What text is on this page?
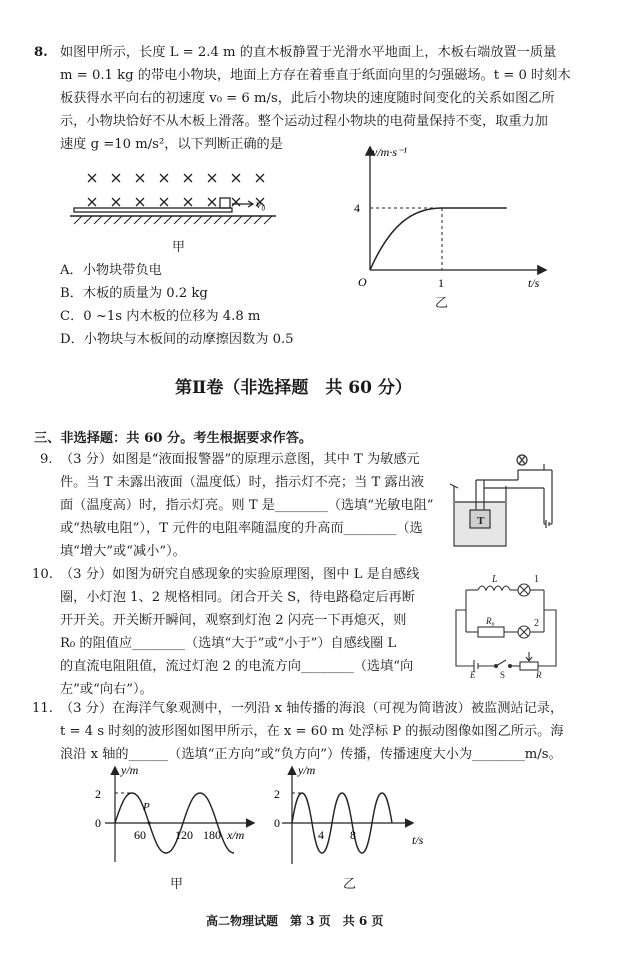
8. 如图甲所示，长度 L = 2.4 m 的直木板静置于光滑水平地面上，木板右端放置一质量
m = 0.1 kg 的带电小物块，地面上方存在着垂直于纸面向里的匀强磁场。t = 0 时刻木
板获得水平向右的初速度 v₀ = 6 m/s，此后小物块的速度随时间变化的关系如图乙所
示，小物块恰好不从木板上滑落。整个运动过程小物块的电荷量保持不变，取重力加
速度 g =10 m/s²，以下判断正确的是
v₀
甲
A．小物块带负电
B．木板的质量为 0.2 kg
C．0 ~1s 内木板的位移为 4.8 m
D．小物块与木板间的动摩擦因数为 0.5
v/m·s⁻¹
t/s
O
4
1
乙
第Ⅱ卷（非选择题　共 60 分）
三、非选择题：共 60 分。考生根据要求作答。
9. （3 分）如图是“液面报警器”的原理示意图，其中 T 为敏感元
件。当 T 未露出液面（温度低）时，指示灯不亮；当 T 露出液
面（温度高）时，指示灯亮。则 T 是________（选填“光敏电阻”
或“热敏电阻”），T 元件的电阻率随温度的升高而________（选
填“增大”或“减小”）。
T
10. （3 分）如图为研究自感现象的实验原理图，图中 L 是自感线
圈，小灯泡 1、2 规格相同。闭合开关 S，待电路稳定后再断
开开关。开关断开瞬间，观察到灯泡 2 闪亮一下再熄灭，则
R₀ 的阻值应________（选填“大于”或“小于”）自感线圈 L
的直流电阻阻值，流过灯泡 2 的电流方向________（选填“向
左”或“向右”）。
L
R₀
1
2
E	S	R
11. （3 分）在海洋气象观测中，一列沿 x 轴传播的海浪（可视为简谐波）被监测站记录，
t = 4 s 时刻的波形图如图甲所示，在 x = 60 m 处浮标 P 的振动图像如图乙所示。海
浪沿 x 轴的______（选填“正方向”或“负方向”）传播，传播速度大小为________m/s。
y/m
2
0
P
60 120 180 x/m
甲
y/m
2
0
4 8	t/s
乙
高二物理试题　第 3 页　共 6 页
